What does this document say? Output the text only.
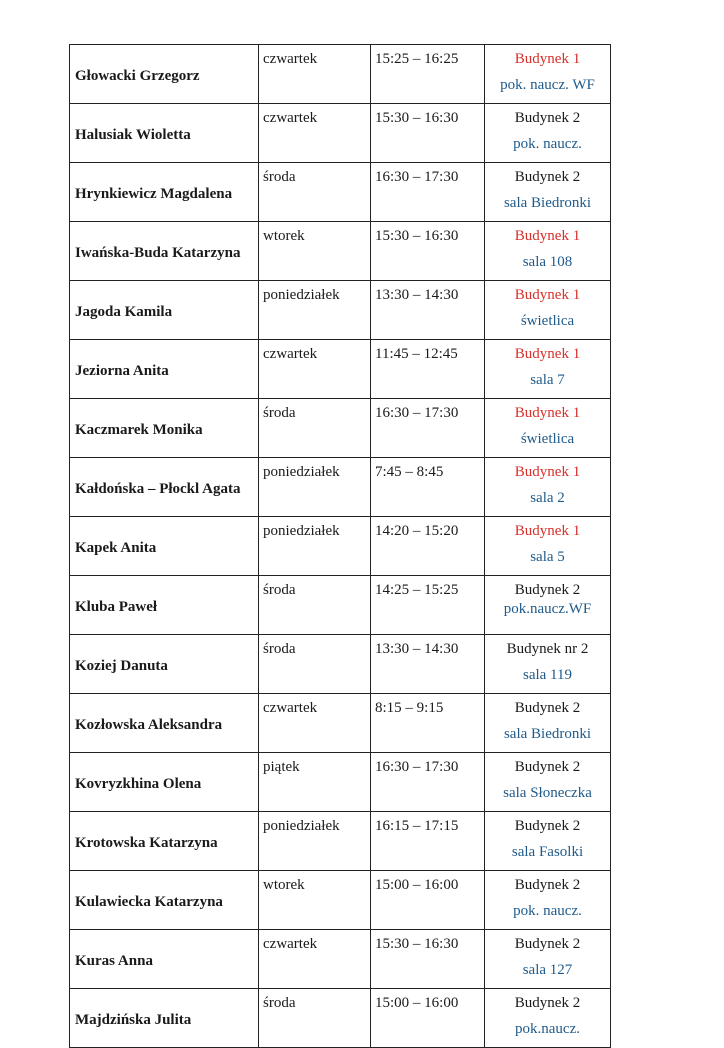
Głowacki Grzegorz	czwartek	15:25 – 16:25	Budynek 1
pok. naucz. WF

Halusiak Wioletta	czwartek	15:30 – 16:30	Budynek 2
pok. naucz.

Hrynkiewicz Magdalena	środa	16:30 – 17:30	Budynek 2
sala Biedronki

Iwańska-Buda Katarzyna	wtorek	15:30 – 16:30	Budynek 1
sala 108

Jagoda Kamila	poniedziałek	13:30 – 14:30	Budynek 1
świetlica

Jeziorna Anita	czwartek	11:45 – 12:45	Budynek 1
sala 7

Kaczmarek Monika	środa	16:30 – 17:30	Budynek 1
świetlica

Kałdońska – Płockl Agata	poniedziałek	7:45 – 8:45	Budynek 1
sala 2

Kapek Anita	poniedziałek	14:20 – 15:20	Budynek 1
sala 5

Kluba Paweł	środa	14:25 – 15:25	Budynek 2
pok.naucz.WF

Koziej Danuta	środa	13:30 – 14:30	Budynek nr 2
sala 119

Kozłowska Aleksandra	czwartek	8:15 – 9:15	Budynek 2
sala Biedronki

Kovryzkhina Olena	piątek	16:30 – 17:30	Budynek 2
sala Słoneczka

Krotowska Katarzyna	poniedziałek	16:15 – 17:15	Budynek 2
sala Fasolki

Kulawiecka Katarzyna	wtorek	15:00 – 16:00	Budynek 2
pok. naucz.

Kuras Anna	czwartek	15:30 – 16:30	Budynek 2
sala 127

Majdzińska Julita	środa	15:00 – 16:00	Budynek 2
pok.naucz.
